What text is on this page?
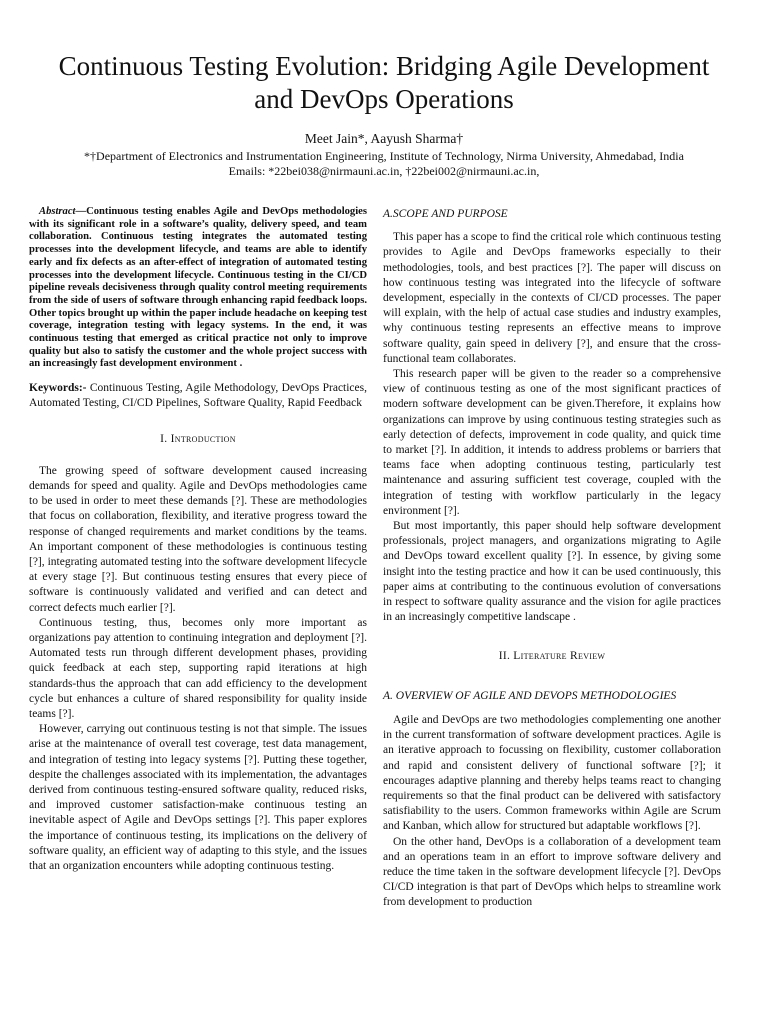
Continuous Testing Evolution: Bridging Agile Development and DevOps Operations
Meet Jain*, Aayush Sharma†
*†Department of Electronics and Instrumentation Engineering, Institute of Technology, Nirma University, Ahmedabad, India
Emails: *22bei038@nirmauni.ac.in, †22bei002@nirmauni.ac.in,

Abstract—Continuous testing enables Agile and DevOps methodologies with its significant role in a software’s quality, delivery speed, and team collaboration. Continuous testing integrates the automated testing processes into the development lifecycle, and teams are able to identify early and fix defects as an after-effect of integration of automated testing processes into the development lifecycle. Continuous testing in the CI/CD pipeline reveals decisiveness through quality control meeting requirements from the side of users of software through enhancing rapid feedback loops. Other topics brought up within the paper include headache on keeping test coverage, integration testing with legacy systems. In the end, it was continuous testing that emerged as critical practice not only to improve quality but also to satisfy the customer and the whole project success with an increasingly fast development environment .

Keywords:- Continuous Testing, Agile Methodology, DevOps Practices, Automated Testing, CI/CD Pipelines, Software Quality, Rapid Feedback

I. Introduction

The growing speed of software development caused increasing demands for speed and quality. Agile and DevOps methodologies came to be used in order to meet these demands [?]. These are methodologies that focus on collaboration, flexibility, and iterative progress toward the response of changed requirements and market conditions by the teams. An important component of these methodologies is continuous testing [?], integrating automated testing into the software development lifecycle at every stage [?]. But continuous testing ensures that every piece of software is continuously validated and verified and can detect and correct defects much earlier [?].

Continuous testing, thus, becomes only more important as organizations pay attention to continuing integration and deployment [?]. Automated tests run through different development phases, providing quick feedback at each step, supporting rapid iterations at high standards-thus the approach that can add efficiency to the development cycle but enhances a culture of shared responsibility for quality inside teams [?].

However, carrying out continuous testing is not that simple. The issues arise at the maintenance of overall test coverage, test data management, and integration of testing into legacy systems [?]. Putting these together, despite the challenges associated with its implementation, the advantages derived from continuous testing-ensured software quality, reduced risks, and improved customer satisfaction-make continuous testing an inevitable aspect of Agile and DevOps settings [?]. This paper explores the importance of continuous testing, its implications on the delivery of software quality, an efficient way of adapting to this style, and the issues that an organization encounters while adopting continuous testing.

A.SCOPE AND PURPOSE

This paper has a scope to find the critical role which continuous testing provides to Agile and DevOps frameworks especially to their methodologies, tools, and best practices [?]. The paper will discuss on how continuous testing was integrated into the lifecycle of software development, especially in the contexts of CI/CD processes. The paper will explain, with the help of actual case studies and industry examples, why continuous testing represents an effective means to improve software quality, gain speed in delivery [?], and ensure that the cross-functional team collaborates.

This research paper will be given to the reader so a comprehensive view of continuous testing as one of the most significant practices of modern software development can be given.Therefore, it explains how organizations can improve by using continuous testing strategies such as early detection of defects, improvement in code quality, and quick time to market [?]. In addition, it intends to address problems or barriers that teams face when adopting continuous testing, particularly test maintenance and assuring sufficient test coverage, coupled with the integration of testing with workflow particularly in the legacy environment [?].

But most importantly, this paper should help software development professionals, project managers, and organizations migrating to Agile and DevOps toward excellent quality [?]. In essence, by giving some insight into the testing practice and how it can be used continuously, this paper aims at contributing to the continuous evolution of conversations in respect to software quality assurance and the vision for agile practices in an increasingly competitive landscape .

II. Literature Review
A. OVERVIEW OF AGILE AND DEVOPS METHODOLOGIES

Agile and DevOps are two methodologies complementing one another in the current transformation of software development practices. Agile is an iterative approach to focussing on flexibility, customer collaboration and rapid and consistent delivery of functional software [?]; it encourages adaptive planning and thereby helps teams react to changing requirements so that the final product can be delivered with satisfactory satisfiability to the users. Common frameworks within Agile are Scrum and Kanban, which allow for structured but adaptable workflows [?].

On the other hand, DevOps is a collaboration of a development team and an operations team in an effort to improve software delivery and reduce the time taken in the software development lifecycle [?]. DevOps CI/CD integration is that part of DevOps which helps to streamline work from development to production
